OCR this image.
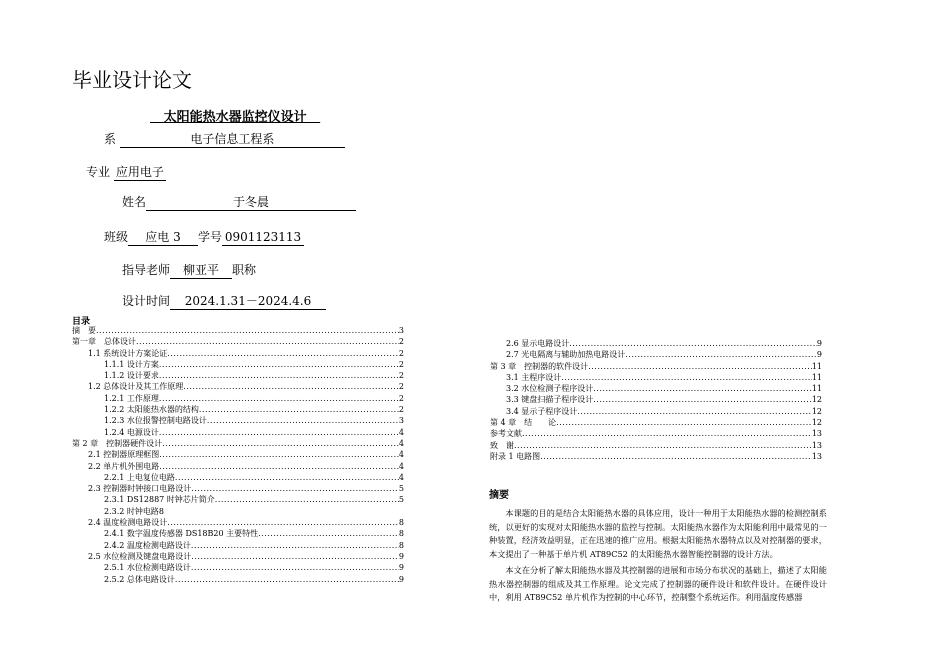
毕业设计论文
太阳能热水器监控仪设计
系	电子信息工程系
专业 应用电子
姓名	于冬晨
班级 应电 3 学号 0901123113
指导老师 柳亚平 职称
设计时间 2024.1.31－2024.4.6
目录
摘　要 .....	3
第一章　总体设计 .....	2
1.1 系统设计方案论证 .....	2
1.1.1 设计方案 .....	2
1.1.2 设计要求 .....	2
1.2 总体设计及其工作原理 .....	2
1.2.1 工作原理 .....	2
1.2.2 太阳能热水器的结构 .....	2
1.2.3 水位报警控制电路设计 .....	3
1.2.4 电源设计 .....	4
第 2 章　控制器硬件设计 .....	4
2.1 控制器原理框图 .....	4
2.2 单片机外围电路 .....	4
2.2.1 上电复位电路 .....	4
2.3 控制器时钟接口电路设计 .....	5
2.3.1 DS12887 时钟芯片简介 .....	5
2.3.2 时钟电路8
2.4 温度检测电路设计 .....	8
2.4.1 数字温度传感器 DS18B20 主要特性 .....	8
2.4.2 温度检测电路设计 .....	8
2.5 水位检测及键盘电路设计 .....	9
2.5.1 水位检测电路设计 .....	9
2.5.2 总体电路设计 .....	9
2.6 显示电路设计 .....	9
2.7 光电隔离与辅助加热电路设计 .....	9
第 3 章　控制器的软件设计 .....	11
3.1 主程序设计 .....	11
3.2 水位检测子程序设计 .....	11
3.3 键盘扫描子程序设计 .....	12
3.4 显示子程序设计 .....	12
第 4 章　结　　论 .....	12
参考文献 .....	13
致　谢 .....	13
附录 1 电路图 .....	13
摘要

本课题的目的是结合太阳能热水器的具体应用，设计一种用于太阳能热水器的检测控制系统，以更好的实现对太阳能热水器的监控与控制。太阳能热水器作为太阳能利用中最常见的一种装置，经济效益明显，正在迅速的推广应用。根据太阳能热水器特点以及对控制器的要求，本文提出了一种基于单片机 AT89C52 的太阳能热水器智能控制器的设计方法。

本文在分析了解太阳能热水器及其控制器的进展和市场分布状况的基础上，描述了太阳能热水器控制器的组成及其工作原理。论文完成了控制器的硬件设计和软件设计。在硬件设计中，利用 AT89C52 单片机作为控制的中心环节，控制整个系统运作。利用温度传感器
